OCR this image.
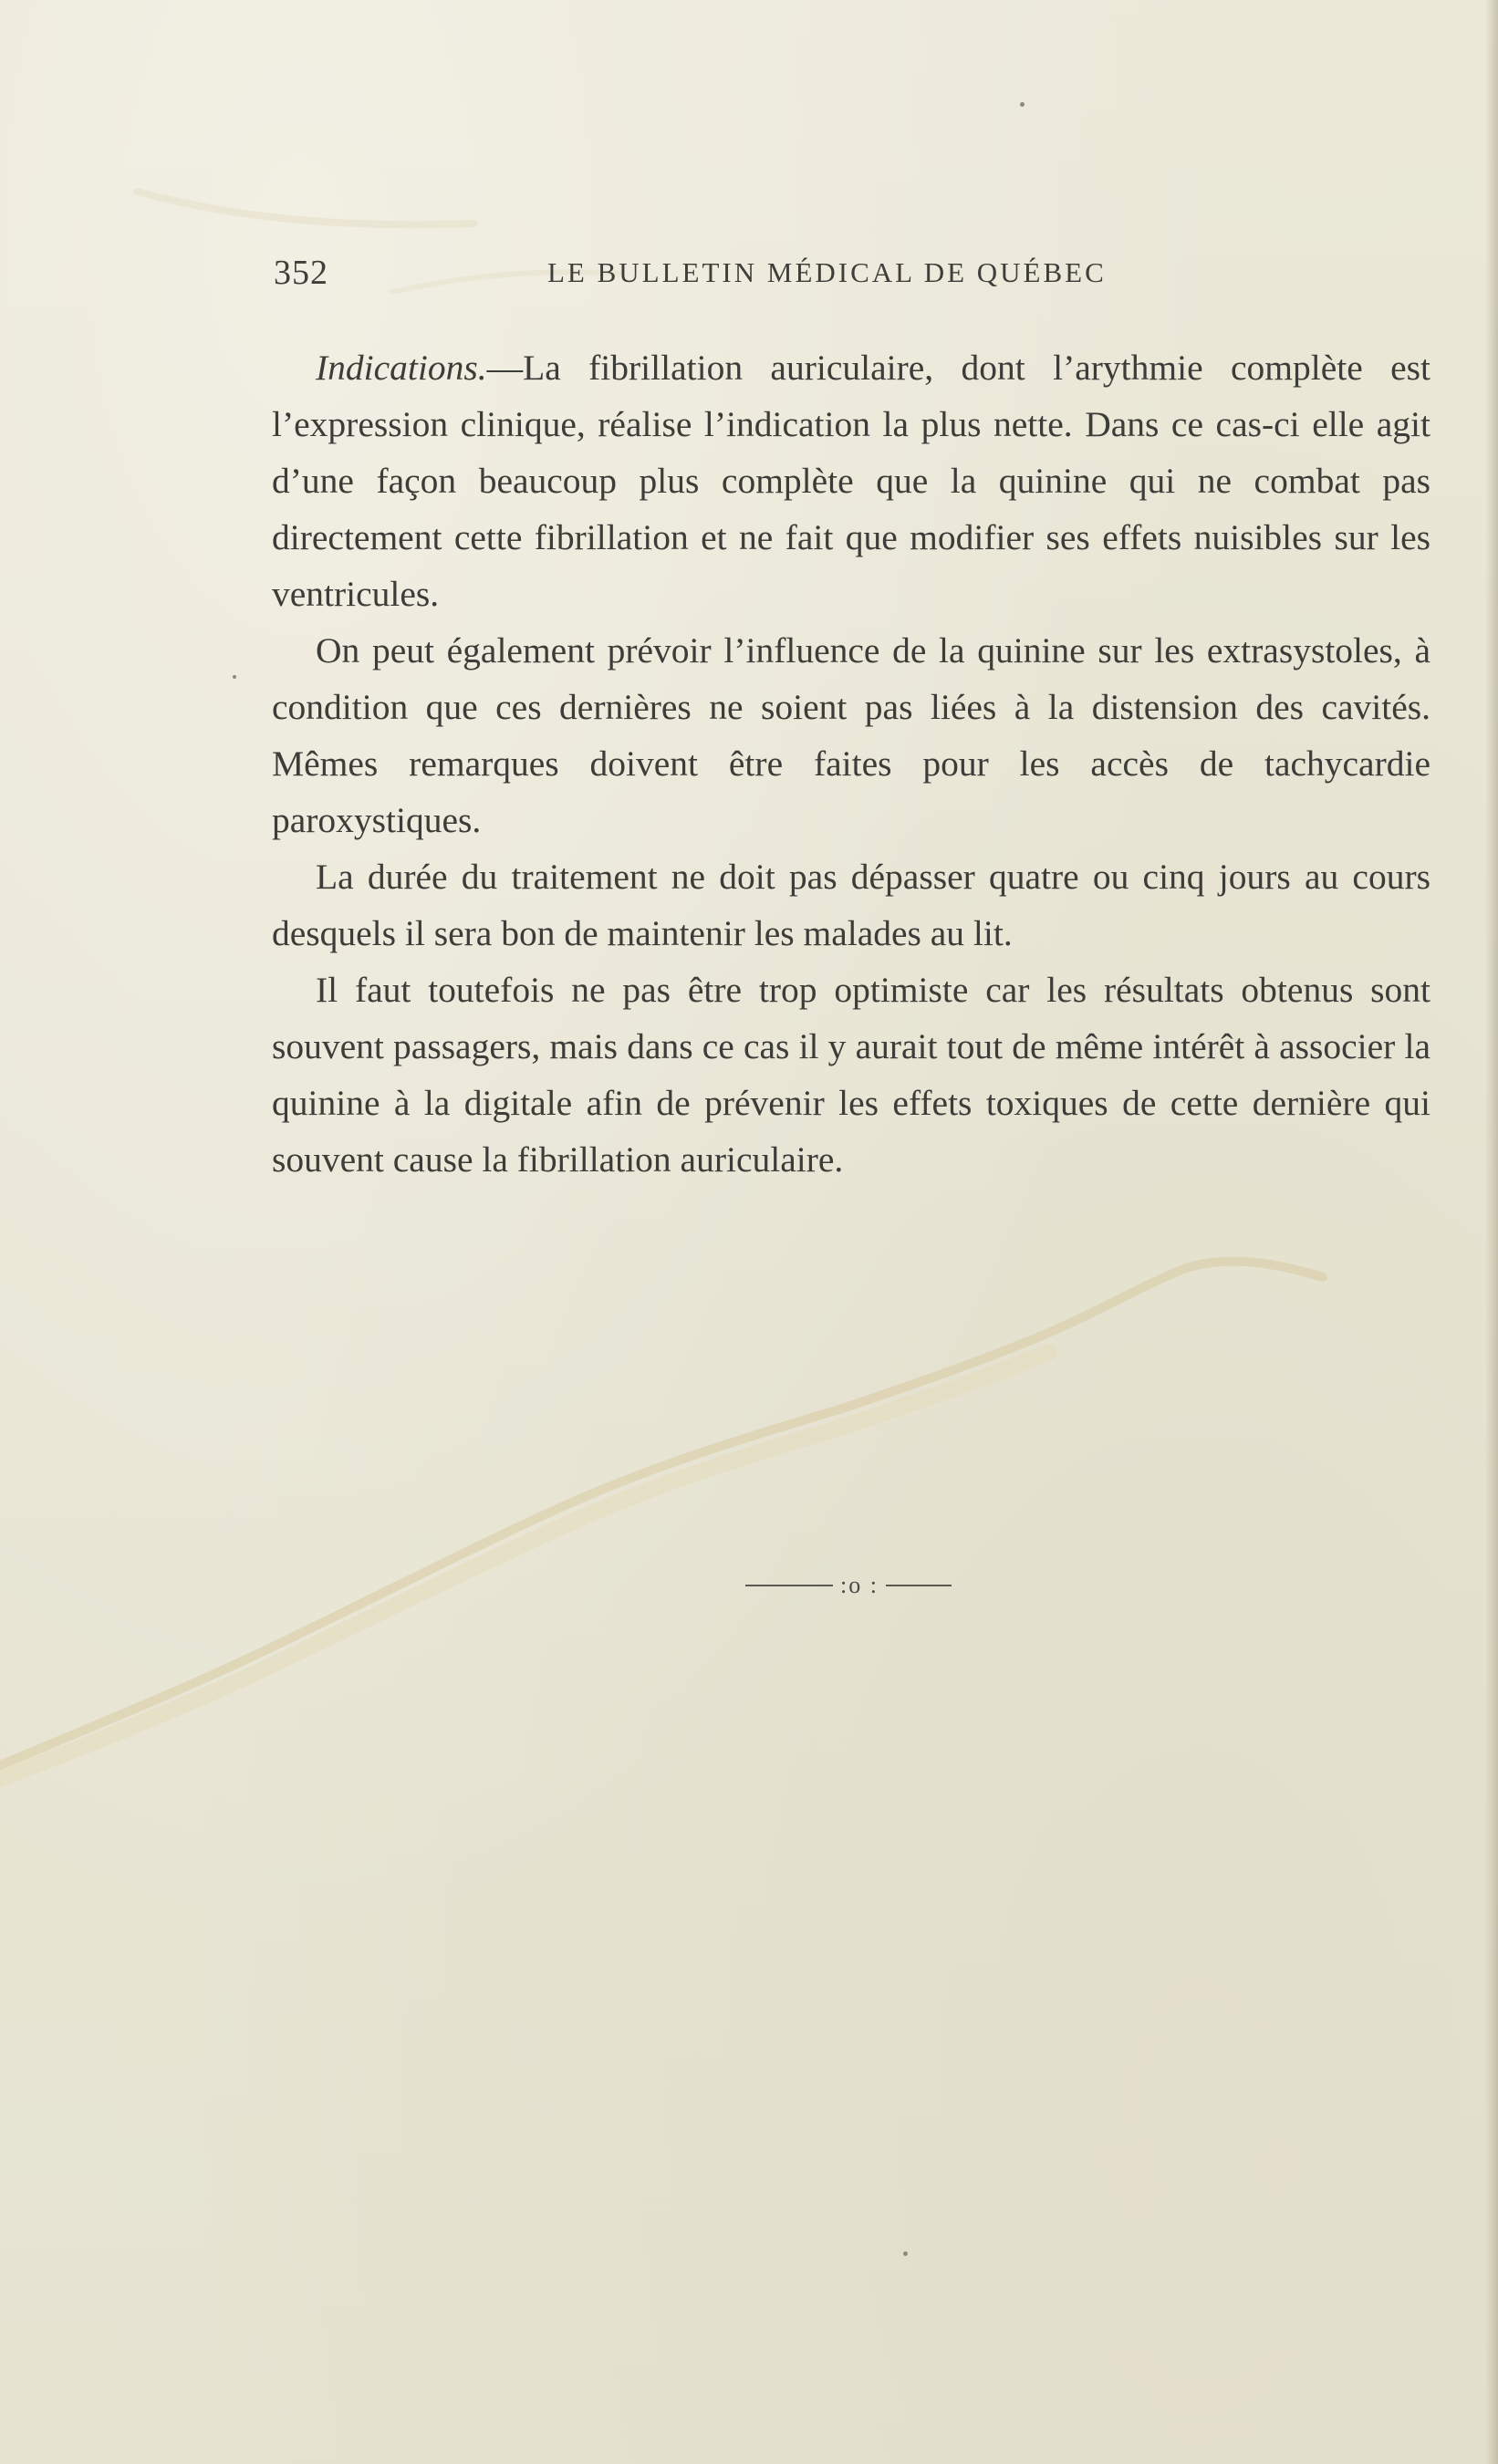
352	LE BULLETIN MÉDICAL DE QUÉBEC

Indications.—La fibrillation auriculaire, dont l’arythmie complète est l’expression clinique, réalise l’indication la plus nette. Dans ce cas-ci elle agit d’une façon beaucoup plus complète que la quinine qui ne combat pas directement cette fibrillation et ne fait que modifier ses effets nuisibles sur les ventricules.

On peut également prévoir l’influence de la quinine sur les extrasystoles, à condition que ces dernières ne soient pas liées à la distension des cavités. Mêmes remarques doivent être faites pour les accès de tachycardie paroxystiques.

La durée du traitement ne doit pas dépasser quatre ou cinq jours au cours desquels il sera bon de maintenir les malades au lit.

Il faut toutefois ne pas être trop optimiste car les résultats obtenus sont souvent passagers, mais dans ce cas il y aurait tout de même intérêt à associer la quinine à la digitale afin de prévenir les effets toxiques de cette dernière qui souvent cause la fibrillation auriculaire.

:o :
